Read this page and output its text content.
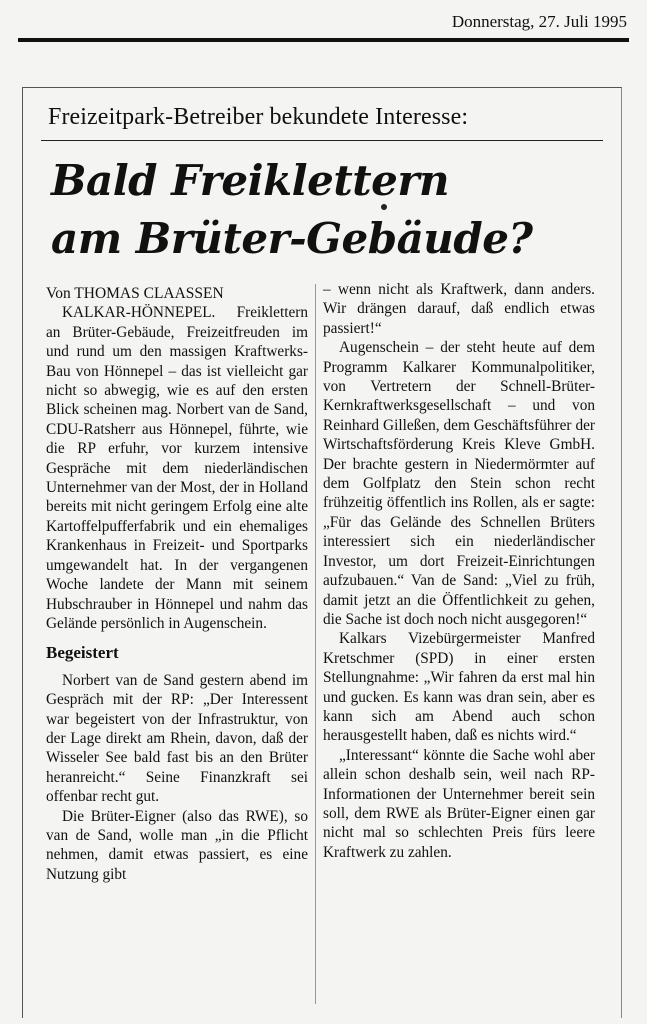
Donnerstag, 27. Juli 1995
Freizeitpark-Betreiber bekundete Interesse:
Bald Freiklettern
am Brüter-Gebäude?

Von THOMAS CLAASSEN

KALKAR-HÖNNEPEL. Freiklettern an Brüter-Gebäude, Freizeitfreuden im und rund um den massigen Kraftwerks-Bau von Hönnepel – das ist vielleicht gar nicht so abwegig, wie es auf den ersten Blick scheinen mag. Norbert van de Sand, CDU-Ratsherr aus Hönnepel, führte, wie die RP erfuhr, vor kurzem intensive Gespräche mit dem niederländischen Unternehmer van der Most, der in Holland bereits mit nicht geringem Erfolg eine alte Kartoffelpufferfabrik und ein ehemaliges Krankenhaus in Freizeit- und Sportparks umgewandelt hat. In der vergangenen Woche landete der Mann mit seinem Hubschrauber in Hönnepel und nahm das Gelände persönlich in Augenschein.

Begeistert

Norbert van de Sand gestern abend im Gespräch mit der RP: „Der Interessent war begeistert von der Infrastruktur, von der Lage direkt am Rhein, davon, daß der Wisseler See bald fast bis an den Brüter heranreicht.“ Seine Finanzkraft sei offenbar recht gut.

Die Brüter-Eigner (also das RWE), so van de Sand, wolle man „in die Pflicht nehmen, damit etwas passiert, es eine Nutzung gibt

– wenn nicht als Kraftwerk, dann anders. Wir drängen darauf, daß endlich etwas passiert!“

Augenschein – der steht heute auf dem Programm Kalkarer Kommunalpolitiker, von Vertretern der Schnell-Brüter-Kernkraftwerksgesellschaft – und von Reinhard Gilleßen, dem Geschäftsführer der Wirtschaftsförderung Kreis Kleve GmbH. Der brachte gestern in Niedermörmter auf dem Golfplatz den Stein schon recht frühzeitig öffentlich ins Rollen, als er sagte: „Für das Gelände des Schnellen Brüters interessiert sich ein niederländischer Investor, um dort Freizeit-Einrichtungen aufzubauen.“ Van de Sand: „Viel zu früh, damit jetzt an die Öffentlichkeit zu gehen, die Sache ist doch noch nicht ausgegoren!“

Kalkars Vizebürgermeister Manfred Kretschmer (SPD) in einer ersten Stellungnahme: „Wir fahren da erst mal hin und gucken. Es kann was dran sein, aber es kann sich am Abend auch schon herausgestellt haben, daß es nichts wird.“

„Interessant“ könnte die Sache wohl aber allein schon deshalb sein, weil nach RP-Informationen der Unternehmer bereit sein soll, dem RWE als Brüter-Eigner einen gar nicht mal so schlechten Preis fürs leere Kraftwerk zu zahlen.
